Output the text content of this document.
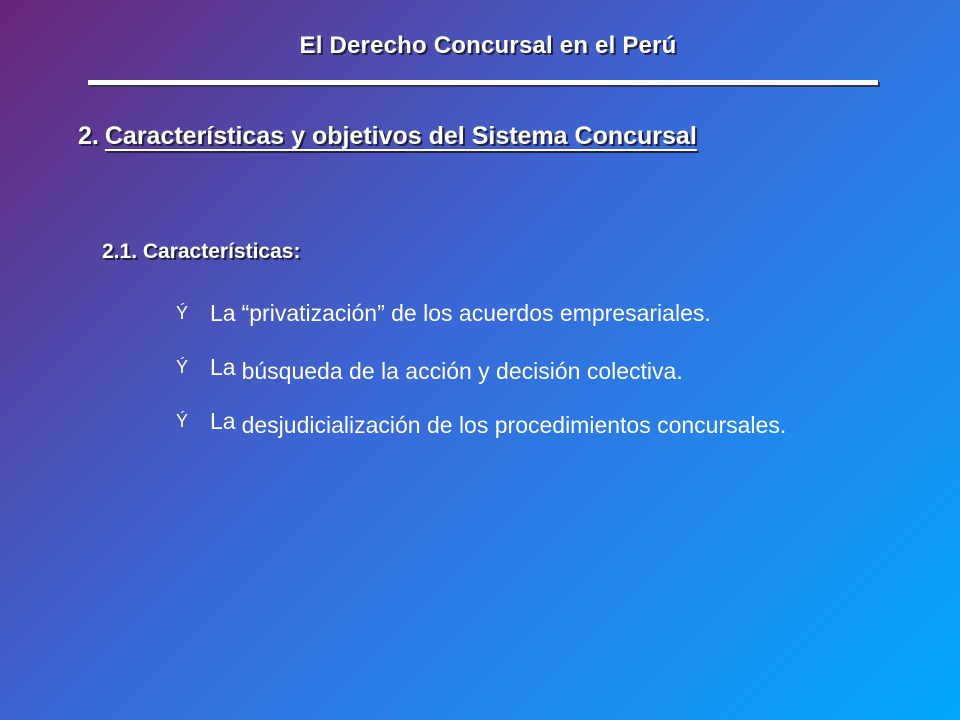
El Derecho Concursal en el Perú
2. Características y objetivos del Sistema Concursal
2.1. Características:
Ý La “privatización” de los acuerdos empresariales.
Ý La búsqueda de la acción y decisión colectiva.
Ý La desjudicialización de los procedimientos concursales.
